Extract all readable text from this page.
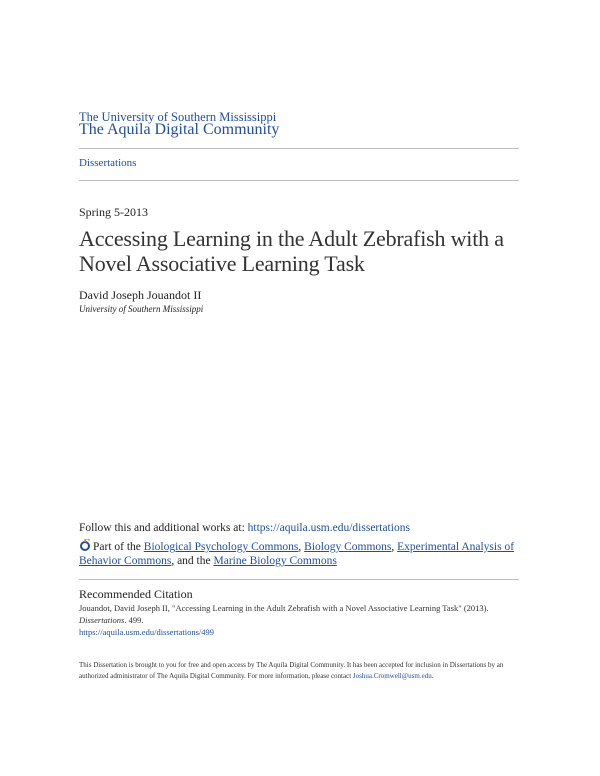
The University of Southern Mississippi
The Aquila Digital Community
Dissertations
Spring 5-2013
Accessing Learning in the Adult Zebrafish with a Novel Associative Learning Task
David Joseph Jouandot II
University of Southern Mississippi
Follow this and additional works at: https://aquila.usm.edu/dissertations
Part of the Biological Psychology Commons, Biology Commons, Experimental Analysis of Behavior Commons, and the Marine Biology Commons
Recommended Citation
Jouandot, David Joseph II, "Accessing Learning in the Adult Zebrafish with a Novel Associative Learning Task" (2013). Dissertations. 499.
https://aquila.usm.edu/dissertations/499
This Dissertation is brought to you for free and open access by The Aquila Digital Community. It has been accepted for inclusion in Dissertations by an authorized administrator of The Aquila Digital Community. For more information, please contact Joshua.Cromwell@usm.edu.
